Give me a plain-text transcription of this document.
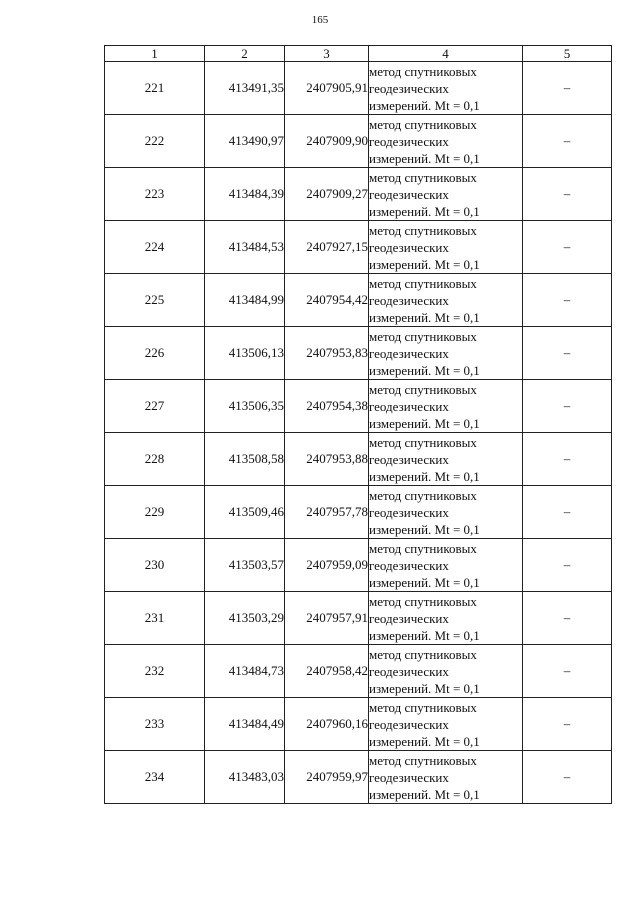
165
1	2	3	4	5
221	413491,35	2407905,91	метод спутниковых
геодезических
измерений. Mt = 0,1	–
222	413490,97	2407909,90	метод спутниковых
геодезических
измерений. Mt = 0,1	–
223	413484,39	2407909,27	метод спутниковых
геодезических
измерений. Mt = 0,1	–
224	413484,53	2407927,15	метод спутниковых
геодезических
измерений. Mt = 0,1	–
225	413484,99	2407954,42	метод спутниковых
геодезических
измерений. Mt = 0,1	–
226	413506,13	2407953,83	метод спутниковых
геодезических
измерений. Mt = 0,1	–
227	413506,35	2407954,38	метод спутниковых
геодезических
измерений. Mt = 0,1	–
228	413508,58	2407953,88	метод спутниковых
геодезических
измерений. Mt = 0,1	–
229	413509,46	2407957,78	метод спутниковых
геодезических
измерений. Mt = 0,1	–
230	413503,57	2407959,09	метод спутниковых
геодезических
измерений. Mt = 0,1	–
231	413503,29	2407957,91	метод спутниковых
геодезических
измерений. Mt = 0,1	–
232	413484,73	2407958,42	метод спутниковых
геодезических
измерений. Mt = 0,1	–
233	413484,49	2407960,16	метод спутниковых
геодезических
измерений. Mt = 0,1	–
234	413483,03	2407959,97	метод спутниковых
геодезических
измерений. Mt = 0,1	–
